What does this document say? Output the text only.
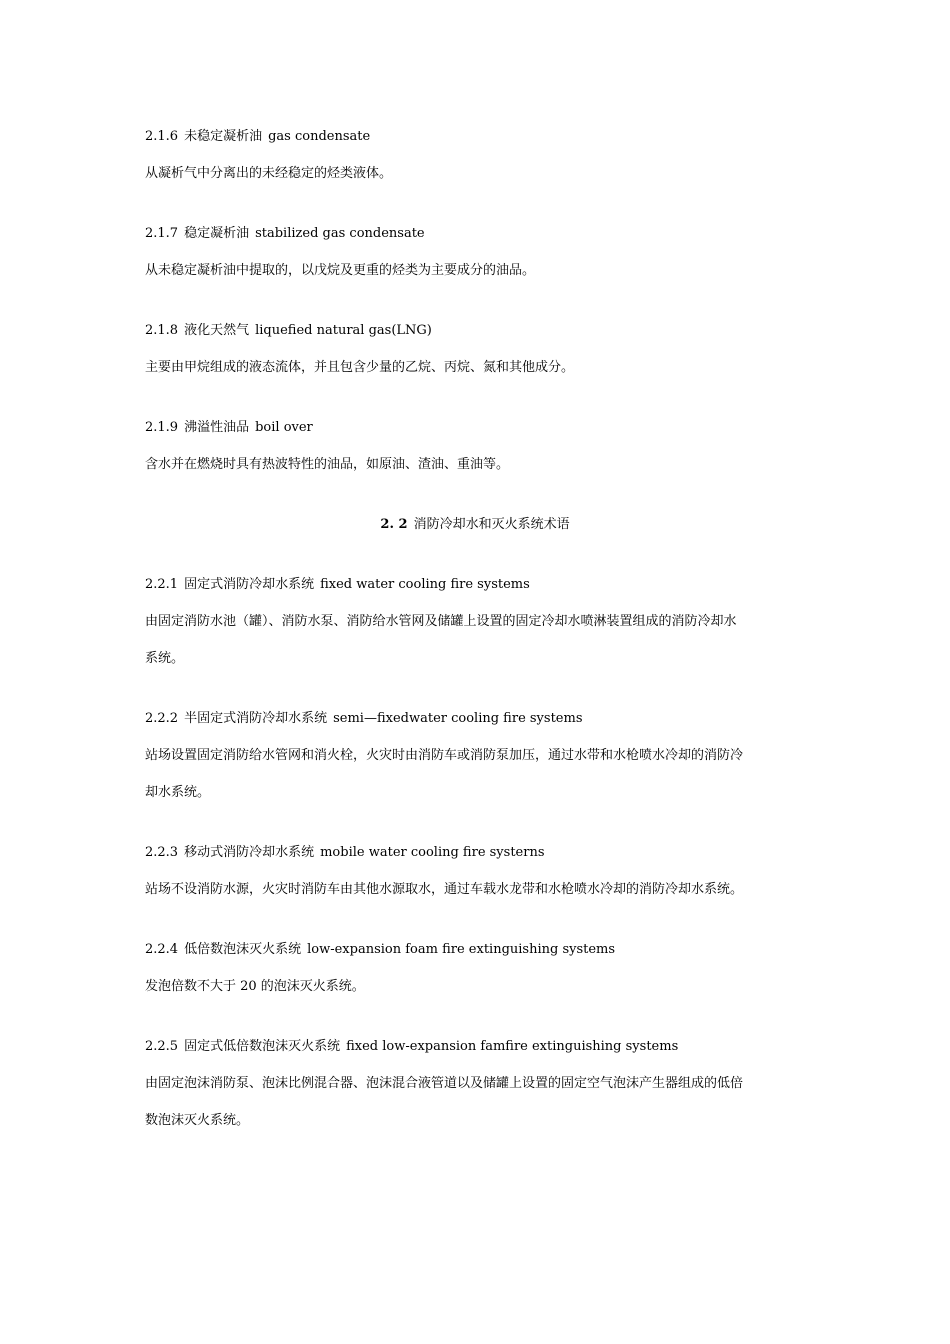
2.1.6 未稳定凝析油 gas condensate
从凝析气中分离出的未经稳定的烃类液体。
2.1.7 稳定凝析油 stabilized gas condensate
从未稳定凝析油中提取的，以戊烷及更重的烃类为主要成分的油品。
2.1.8 液化天然气 liquefied natural gas(LNG)
主要由甲烷组成的液态流体，并且包含少量的乙烷、丙烷、氮和其他成分。
2.1.9 沸溢性油品 boil over
含水并在燃烧时具有热波特性的油品，如原油、渣油、重油等。
2. 2 消防冷却水和灭火系统术语
2.2.1 固定式消防冷却水系统 fixed water cooling fire systems
由固定消防水池（罐）、消防水泵、消防给水管网及储罐上设置的固定冷却水喷淋装置组成的消防冷却水
系统。
2.2.2 半固定式消防冷却水系统 semi—fixedwater cooling fire systems
站场设置固定消防给水管网和消火栓，火灾时由消防车或消防泵加压，通过水带和水枪喷水冷却的消防冷
却水系统。
2.2.3 移动式消防冷却水系统 mobile water cooling fire systerns
站场不设消防水源，火灾时消防车由其他水源取水，通过车载水龙带和水枪喷水冷却的消防冷却水系统。
2.2.4 低倍数泡沫灭火系统 low-expansion foam fire extinguishing systems
发泡倍数不大于 20 的泡沫灭火系统。
2.2.5 固定式低倍数泡沫灭火系统 fixed low-expansion famfire extinguishing systems
由固定泡沫消防泵、泡沫比例混合器、泡沫混合液管道以及储罐上设置的固定空气泡沫产生器组成的低倍
数泡沫灭火系统。
